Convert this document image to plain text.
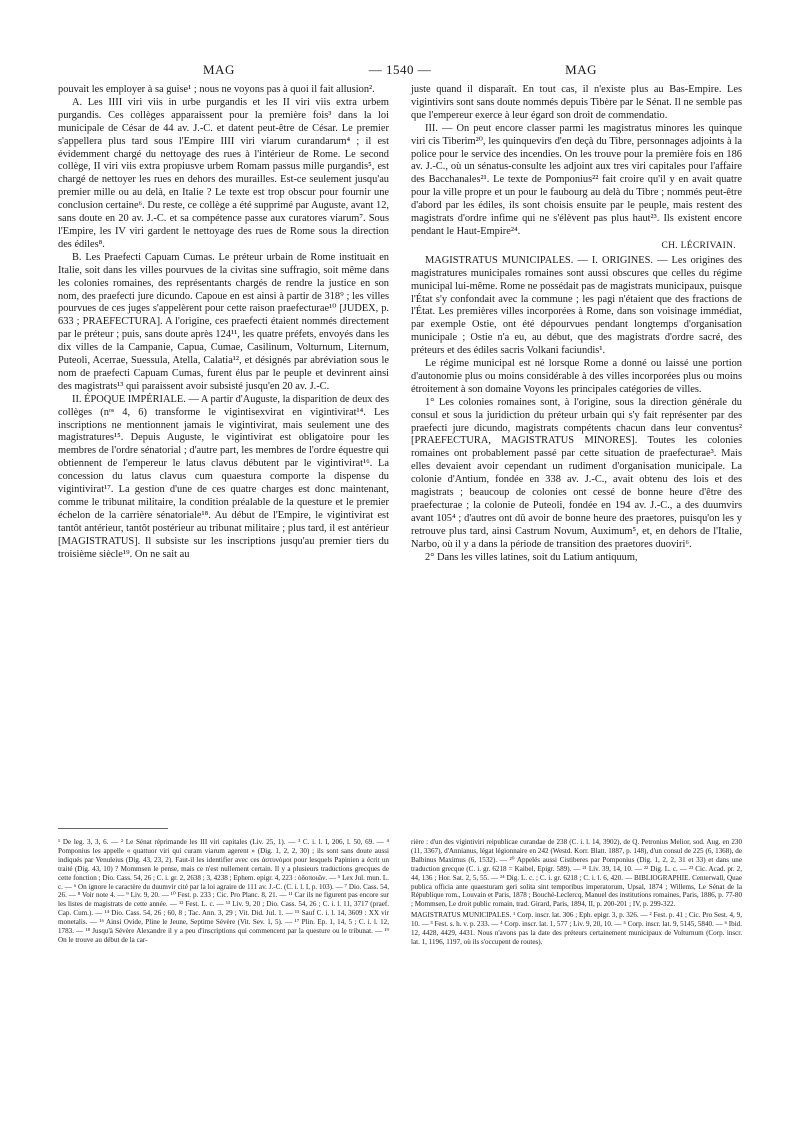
MAG	— 1540 —	MAG

pouvait les employer à sa guise¹ ; nous ne voyons pas à quoi il fait allusion².

A. Les IIII viri viis in urbe purgandis et les II viri viis extra urbem purgandis. Ces collèges apparaissent pour la première fois³ dans la loi municipale de César de 44 av. J.-C. et datent peut-être de César. Le premier s'appellera plus tard sous l'Empire IIII viri viarum curandarum⁴ ; il est évidemment chargé du nettoyage des rues à l'intérieur de Rome. Le second collège, II viri viis extra propiusve urbem Romam passus mille purgandis⁵, est chargé de nettoyer les rues en dehors des murailles. Est-ce seulement jusqu'au premier mille ou au delà, en Italie ? Le texte est trop obscur pour fournir une conclusion certaine⁶. Du reste, ce collège a été supprimé par Auguste, avant 12, sans doute en 20 av. J.-C. et sa compétence passe aux curatores viarum⁷. Sous l'Empire, les IV viri gardent le nettoyage des rues de Rome sous la direction des édiles⁸.

B. Les Praefecti Capuam Cumas. Le préteur urbain de Rome instituait en Italie, soit dans les villes pourvues de la civitas sine suffragio, soit même dans les colonies romaines, des représentants chargés de rendre la justice en son nom, des praefecti jure dicundo. Capoue en est ainsi à partir de 318⁹ ; les villes pourvues de ces juges s'appelèrent pour cette raison praefecturae¹⁰ [JUDEX, p. 633 ; PRAEFECTURA]. A l'origine, ces praefecti étaient nommés directement par le préteur ; puis, sans doute après 124¹¹, les quatre préfets, envoyés dans les dix villes de la Campanie, Capua, Cumae, Casilinum, Volturnum, Liternum, Puteoli, Acerrae, Suessula, Atella, Calatia¹², et désignés par abréviation sous le nom de praefecti Capuam Cumas, furent élus par le peuple et devinrent ainsi des magistrats¹³ qui paraissent avoir subsisté jusqu'en 20 av. J.-C.

II. ÉPOQUE IMPÉRIALE. — A partir d'Auguste, la disparition de deux des collèges (nᵒˢ 4, 6) transforme le vigintisexvirat en vigintivirat¹⁴. Les inscriptions ne mentionnent jamais le vigintivirat, mais seulement une des magistratures¹⁵. Depuis Auguste, le vigintivirat est obligatoire pour les membres de l'ordre sénatorial ; d'autre part, les membres de l'ordre équestre qui obtiennent de l'empereur le latus clavus débutent par le vigintivirat¹⁶. La concession du latus clavus cum quaestura comporte la dispense du vigintivirat¹⁷. La gestion d'une de ces quatre charges est donc maintenant, comme le tribunat militaire, la condition préalable de la questure et le premier échelon de la carrière sénatoriale¹⁸. Au début de l'Empire, le vigintivirat est tantôt antérieur, tantôt postérieur au tribunat militaire ; plus tard, il est antérieur [MAGISTRATUS]. Il subsiste sur les inscriptions jusqu'au premier tiers du troisième siècle¹⁹. On ne sait au

juste quand il disparaît. En tout cas, il n'existe plus au Bas-Empire. Les vigintivirs sont sans doute nommés depuis Tibère par le Sénat. Il ne semble pas que l'empereur exerce à leur égard son droit de commendatio.

III. — On peut encore classer parmi les magistratus minores les quinque viri cis Tiberim²⁰, les quinquevirs d'en deçà du Tibre, personnages adjoints à la police pour le service des incendies. On les trouve pour la première fois en 186 av. J.-C., où un sénatus-consulte les adjoint aux tres viri capitales pour l'affaire des Bacchanales²¹. Le texte de Pomponius²² fait croire qu'il y en avait quatre pour la ville propre et un pour le faubourg au delà du Tibre ; nommés peut-être d'abord par les édiles, ils sont choisis ensuite par le peuple, mais restent des magistrats d'ordre infime qui ne s'élèvent pas plus haut²³. Ils existent encore pendant le Haut-Empire²⁴.

CH. LÉCRIVAIN.

MAGISTRATUS MUNICIPALES. — I. ORIGINES. — Les origines des magistratures municipales romaines sont aussi obscures que celles du régime municipal lui-même. Rome ne possédait pas de magistrats municipaux, puisque l'État s'y confondait avec la commune ; les pagi n'étaient que des fractions de l'État. Les premières villes incorporées à Rome, dans son voisinage immédiat, par exemple Ostie, ont été dépourvues pendant longtemps d'organisation municipale ; Ostie n'a eu, au début, que des magistrats d'ordre sacré, des préteurs et des édiles sacris Volkani faciundis¹.

Le régime municipal est né lorsque Rome a donné ou laissé une portion d'autonomie plus ou moins considérable à des villes incorporées plus ou moins étroitement à son domaine Voyons les principales catégories de villes.

1° Les colonies romaines sont, à l'origine, sous la direction générale du consul et sous la juridiction du préteur urbain qui s'y fait représenter par des praefecti jure dicundo, magistrats compétents chacun dans leur conventus² [PRAEFECTURA, MAGISTRATUS MINORES]. Toutes les colonies romaines ont probablement passé par cette situation de praefecturae³. Mais elles devaient avoir cependant un rudiment d'organisation municipale. La colonie d'Antium, fondée en 338 av. J.-C., avait obtenu des lois et des magistrats ; beaucoup de colonies ont cessé de bonne heure d'être des praefecturae ; la colonie de Puteoli, fondée en 194 av. J.-C., a des duumvirs avant 105⁴ ; d'autres ont dû avoir de bonne heure des praetores, puisqu'on les y retrouve plus tard, ainsi Castrum Novum, Auximum⁵, et, en dehors de l'Italie, Narbo, où il y a dans la période de transition des praetores duoviri⁶.

2° Dans les villes latines, soit du Latium antiquum,

¹ De leg. 3, 3, 6. — ² Le Sénat réprimande les III viri capitales (Liv. 25, 1). — ³ C. i. l. I, 206, l. 50, 69. — ⁴ Pomponius les appelle « quattuor viri qui curam viarum agerent » (Dig. 1, 2, 2, 30) ; ils sont sans doute aussi indiqués par Venuleius (Dig. 43, 23, 2). Faut-il les identifier avec ces ἀστυνόμοι pour lesquels Papinien a écrit un traité (Dig. 43, 10) ? Mommsen le pense, mais ce n'est nullement certain. Il y a plusieurs traductions grecques de cette fonction ; Dio. Cass. 54, 26 ; C. i. gr. 2, 2638 ; 3, 4238 ; Ephem. epigr. 4, 223 : ὁδοποιῶν. — ⁵ Lex Jul. mun. L. c. — ⁶ On ignore le caractère du duumvir cité par la loi agraire de 111 av. J.-C. (C. i. l. I, p. 103). — ⁷ Dio. Cass. 54, 26. — ⁸ Voir note 4. — ⁹ Liv. 9, 20. — ¹⁰ Fest. p. 233 ; Cic. Pro Planc. 8, 21. — ¹¹ Car ils ne figurent pas encore sur les listes de magistrats de cette année. — ¹² Fest. L. c. — ¹³ Liv. 9, 20 ; Dio. Cass. 54, 26 ; C. i. l. 11, 3717 (praef. Cap. Cum.). — ¹⁴ Dio. Cass. 54, 26 ; 60, 8 ; Tac. Ann. 3, 29 ; Vit. Did. Jul. 1. — ¹⁵ Sauf C. i. l. 14, 3609 : XX vir monetalis. — ¹⁶ Ainsi Ovide, Pline le Jeune, Septime Sévère (Vit. Sev. 1, 5). — ¹⁷ Plin. Ep. 1, 14, 5 ; C. i. l. 12, 1783. — ¹⁸ Jusqu'à Sévère Alexandre il y a peu d'inscriptions qui commencent par la questure ou le tribunat. — ¹⁹ On le trouve au début de la car-

rière : d'un des vigintiviri reipublicae curandae de 238 (C. i. l. 14, 3902), de Q. Petronius Melior, sod. Aug. en 230 (11, 3367), d'Annianus, légat légionnaire en 242 (Westd. Korr. Blatt. 1887, p. 148), d'un consul de 225 (6, 1368), de Balbinus Maximus (6, 1532). — ²⁰ Appelés aussi Cistiberes par Pomponius (Dig. 1, 2, 2, 31 et 33) et dans une traduction grecque (C. i. gr. 6218 = Kaibel, Epigr. 589). — ²¹ Liv. 39, 14, 10. — ²² Dig. L. c. — ²³ Cic. Acad. pr. 2, 44, 136 ; Hor. Sat. 2, 5, 55. — ²⁴ Dig. L. c. ; C. i. gr. 6218 ; C. i. l. 6, 420. — BIBLIOGRAPHIE. Centerwall, Quae publica officia ante quaesturam geri solita sint temporibus imperatorum, Upsal, 1874 ; Willems, Le Sénat de la République rom., Louvain et Paris, 1878 ; Bouché-Leclercq, Manuel des institutions romaines, Paris, 1886, p. 77-80 ; Mommsen, Le droit public romain, trad. Girard, Paris, 1894, II, p. 200-201 ; IV, p. 299-322.

MAGISTRATUS MUNICIPALES. ¹ Corp. inscr. lat. 306 ; Eph. epigr. 3, p. 326. — ² Fest. p. 41 ; Cic. Pro Sest. 4, 9, 10. — ³ Fest. s. h. v. p. 233. — ⁴ Corp. inscr. lat. 1, 577 ; Liv. 9, 20, 10. — ⁵ Corp. inscr. lat. 9, 5145, 5840. — ⁶ Ibid. 12, 4428, 4429, 4431. Nous n'avons pas la date des préteurs certainement municipaux de Volturnum (Corp. inscr. lat. 1, 1196, 1197, où ils s'occupent de routes).
